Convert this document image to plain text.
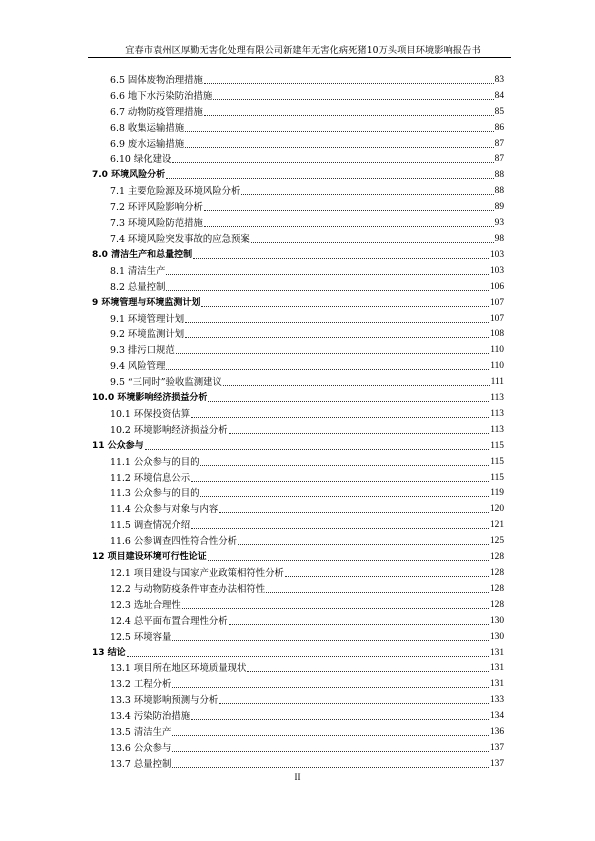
宜春市袁州区厚勤无害化处理有限公司新建年无害化病死猪10万头项目环境影响报告书
6.5 固体废物治理措施	83
6.6 地下水污染防治措施	84
6.7 动物防疫管理措施	85
6.8 收集运输措施	86
6.9 废水运输措施	87
6.10 绿化建设	87
7.0 环境风险分析	88
7.1 主要危险源及环境风险分析	88
7.2 环评风险影响分析	89
7.3 环境风险防范措施	93
7.4 环境风险突发事故的应急预案	98
8.0 清洁生产和总量控制	103
8.1 清洁生产	103
8.2 总量控制	106
9 环境管理与环境监测计划	107
9.1 环境管理计划	107
9.2 环境监测计划	108
9.3 排污口规范	110
9.4 风险管理	110
9.5 “三同时”验收监测建议	111
10.0 环境影响经济损益分析	113
10.1 环保投资估算	113
10.2 环境影响经济损益分析	113
11 公众参与	115
11.1 公众参与的目的	115
11.2 环境信息公示	115
11.3 公众参与的目的	119
11.4 公众参与对象与内容	120
11.5 调查情况介绍	121
11.6 公参调查四性符合性分析	125
12 项目建设环境可行性论证	128
12.1 项目建设与国家产业政策相符性分析	128
12.2 与动物防疫条件审查办法相符性	128
12.3 选址合理性	128
12.4 总平面布置合理性分析	130
12.5 环境容量	130
13 结论	131
13.1 项目所在地区环境质量现状	131
13.2 工程分析	131
13.3 环境影响预测与分析	133
13.4 污染防治措施	134
13.5 清洁生产	136
13.6 公众参与	137
13.7 总量控制	137
II
